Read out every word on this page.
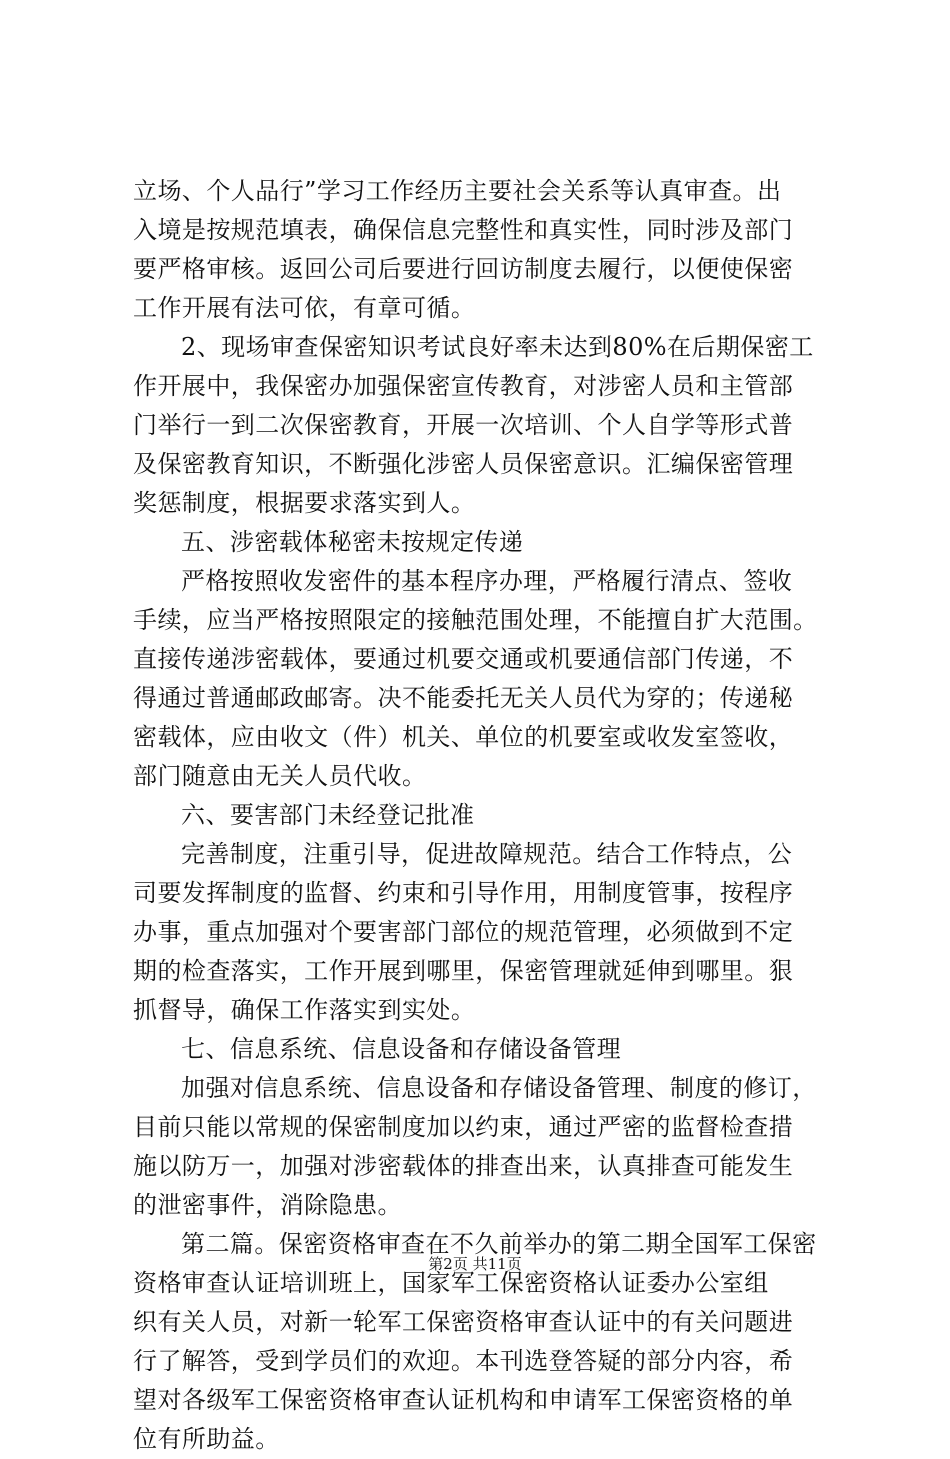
立场、个人品行”学习工作经历主要社会关系等认真审查。出
入境是按规范填表，确保信息完整性和真实性，同时涉及部门
要严格审核。返回公司后要进行回访制度去履行，以便使保密
工作开展有法可依，有章可循。
2、现场审查保密知识考试良好率未达到80%在后期保密工
作开展中，我保密办加强保密宣传教育，对涉密人员和主管部
门举行一到二次保密教育，开展一次培训、个人自学等形式普
及保密教育知识，不断强化涉密人员保密意识。汇编保密管理
奖惩制度，根据要求落实到人。
五、涉密载体秘密未按规定传递
严格按照收发密件的基本程序办理，严格履行清点、签收
手续，应当严格按照限定的接触范围处理，不能擅自扩大范围。
直接传递涉密载体，要通过机要交通或机要通信部门传递，不
得通过普通邮政邮寄。决不能委托无关人员代为穿的；传递秘
密载体，应由收文（件）机关、单位的机要室或收发室签收，
部门随意由无关人员代收。
六、要害部门未经登记批准
完善制度，注重引导，促进故障规范。结合工作特点，公
司要发挥制度的监督、约束和引导作用，用制度管事，按程序
办事，重点加强对个要害部门部位的规范管理，必须做到不定
期的检查落实，工作开展到哪里，保密管理就延伸到哪里。狠
抓督导，确保工作落实到实处。
七、信息系统、信息设备和存储设备管理
加强对信息系统、信息设备和存储设备管理、制度的修订，
目前只能以常规的保密制度加以约束，通过严密的监督检查措
施以防万一，加强对涉密载体的排查出来，认真排查可能发生
的泄密事件，消除隐患。
第二篇。保密资格审查在不久前举办的第二期全国军工保密
资格审查认证培训班上，国家军工保密资格认证委办公室组
织有关人员，对新一轮军工保密资格审查认证中的有关问题进
行了解答，受到学员们的欢迎。本刊选登答疑的部分内容，希
望对各级军工保密资格审查认证机构和申请军工保密资格的单
位有所助益。
第2页 共11页
